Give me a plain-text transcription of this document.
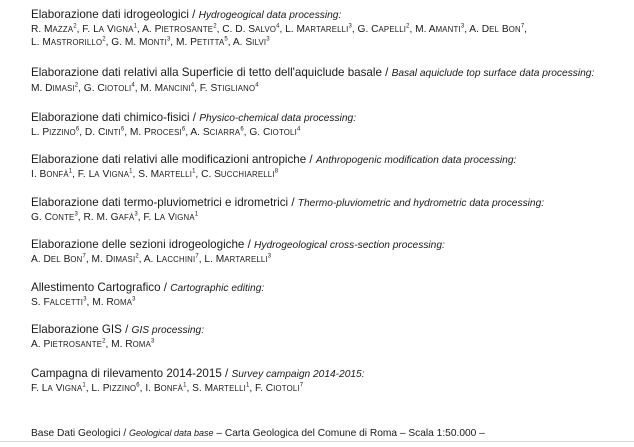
Elaborazione dati idrogeologici / Hydrogeogical data processing:
R. MAZZA$^2$, F. LA VIGNA$^1$, A. PIETROSANTE$^2$, C. D. SALVO$^4$, L. MARTARELLI$^3$, G. CAPELLI$^2$, M. AMANTI$^3$, A. DEL BON$^7$,
L. MASTRORILLO$^2$, G. M. MONTI$^3$, M. PETITTA$^5$, A. SILVI$^3$
Elaborazione dati relativi alla Superficie di tetto dell'aquiclude basale / Basal aquiclude top surface data processing: M. DIMASI$^2$, G. CIOTOLI$^4$, M. MANCINI$^4$, F. STIGLIANO$^4$
Elaborazione dati chimico-fisici / Physico-chemical data processing:
L. PIZZINO$^6$, D. CINTI$^6$, M. PROCESI$^6$, A. SCIARRA$^6$, G. CIOTOLI$^4$
Elaborazione dati relativi alle modificazioni antropiche / Anthropogenic modification data processing:
I. BONFÀ$^1$, F. LA VIGNA$^1$, S. MARTELLI$^1$, C. SUCCHIARELLI$^8$
Elaborazione dati termo-pluviometrici e idrometrici / Thermo-pluviometric and hydrometric data processing:
G. CONTE$^3$, R. M. GAFÀ$^3$, F. LA VIGNA$^1$
Elaborazione delle sezioni idrogeologiche / Hydrogeological cross-section processing:
A. DEL BON$^7$, M. DIMASI$^2$, A. LACCHINI$^7$, L. MARTARELLI$^3$
Allestimento Cartografico / Cartographic editing:
S. FALCETTI$^3$, M. ROMA$^3$
Elaborazione GIS / GIS processing:
A. PIETROSANTE$^2$, M. ROMA$^3$
Campagna di rilevamento 2014-2015 / Survey campaign 2014-2015:
F. LA VIGNA$^1$, L. PIZZINO$^6$, I. BONFÀ$^1$, S. MARTELLI$^1$, F. CIOTOLI$^7$
Base Dati Geologici / Geological data base – Carta Geologica del Comune di Roma – Scala 1:50.000 –
